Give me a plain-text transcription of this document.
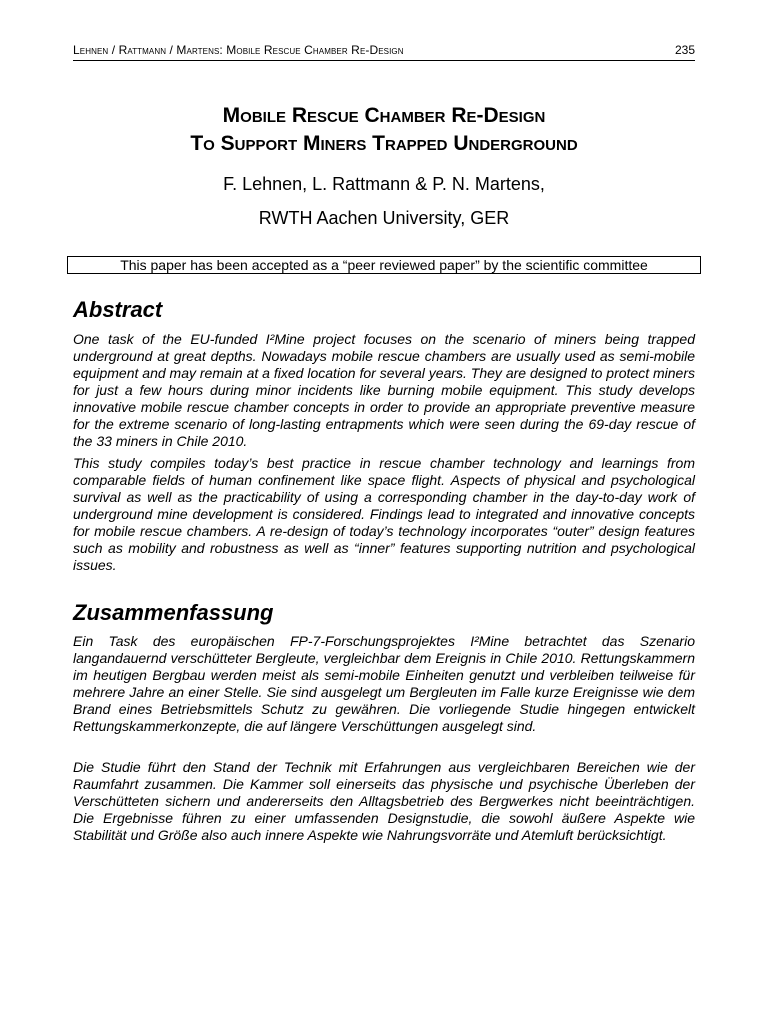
Lehnen / Rattmann / Martens: Mobile Rescue Chamber Re-Design	235
Mobile Rescue Chamber Re-Design
To Support Miners Trapped Underground
F. Lehnen, L. Rattmann & P. N. Martens,
RWTH Aachen University, GER
This paper has been accepted as a “peer reviewed paper” by the scientific committee
Abstract

One task of the EU-funded I²Mine project focuses on the scenario of miners being trapped underground at great depths. Nowadays mobile rescue chambers are usually used as semi-mobile equipment and may remain at a fixed location for several years. They are designed to protect miners for just a few hours during minor incidents like burning mobile equipment. This study develops innovative mobile rescue chamber concepts in order to provide an appropriate preventive measure for the extreme scenario of long-lasting entrapments which were seen during the 69-day rescue of the 33 miners in Chile 2010.

This study compiles today’s best practice in rescue chamber technology and learnings from comparable fields of human confinement like space flight. Aspects of physical and psychological survival as well as the practicability of using a corresponding chamber in the day-to-day work of underground mine development is considered. Findings lead to integrated and innovative concepts for mobile rescue chambers. A re-design of today’s technology incorporates “outer” design features such as mobility and robustness as well as “inner” features supporting nutrition and psychological issues.

Zusammenfassung

Ein Task des europäischen FP-7-Forschungsprojektes I²Mine betrachtet das Szenario langandauernd verschütteter Bergleute, vergleichbar dem Ereignis in Chile 2010. Rettungskammern im heutigen Bergbau werden meist als semi-mobile Einheiten genutzt und verbleiben teilweise für mehrere Jahre an einer Stelle. Sie sind ausgelegt um Bergleuten im Falle kurze Ereignisse wie dem Brand eines Betriebsmittels Schutz zu gewähren. Die vorliegende Studie hingegen entwickelt Rettungskammerkonzepte, die auf längere Verschüttungen ausgelegt sind.

Die Studie führt den Stand der Technik mit Erfahrungen aus vergleichbaren Bereichen wie der Raumfahrt zusammen. Die Kammer soll einerseits das physische und psychische Überleben der Verschütteten sichern und andererseits den Alltagsbetrieb des Bergwerkes nicht beeinträchtigen. Die Ergebnisse führen zu einer umfassenden Designstudie, die sowohl äußere Aspekte wie Stabilität und Größe also auch innere Aspekte wie Nahrungsvorräte und Atemluft berücksichtigt.
